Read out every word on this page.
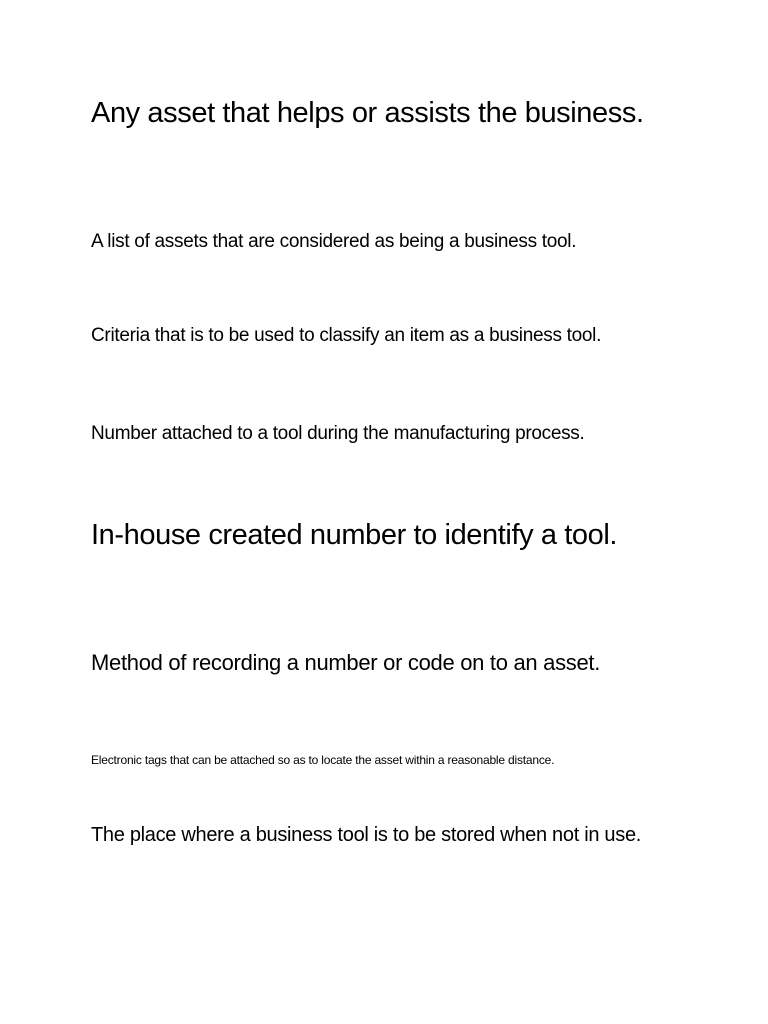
Any asset that helps or assists the business.

A list of assets that are considered as being a business tool.

Criteria that is to be used to classify an item as a business tool.

Number attached to a tool during the manufacturing process.

In-house created number to identify a tool.

Method of recording a number or code on to an asset.

Electronic tags that can be attached so as to locate the asset within a reasonable distance.

The place where a business tool is to be stored when not in use.
